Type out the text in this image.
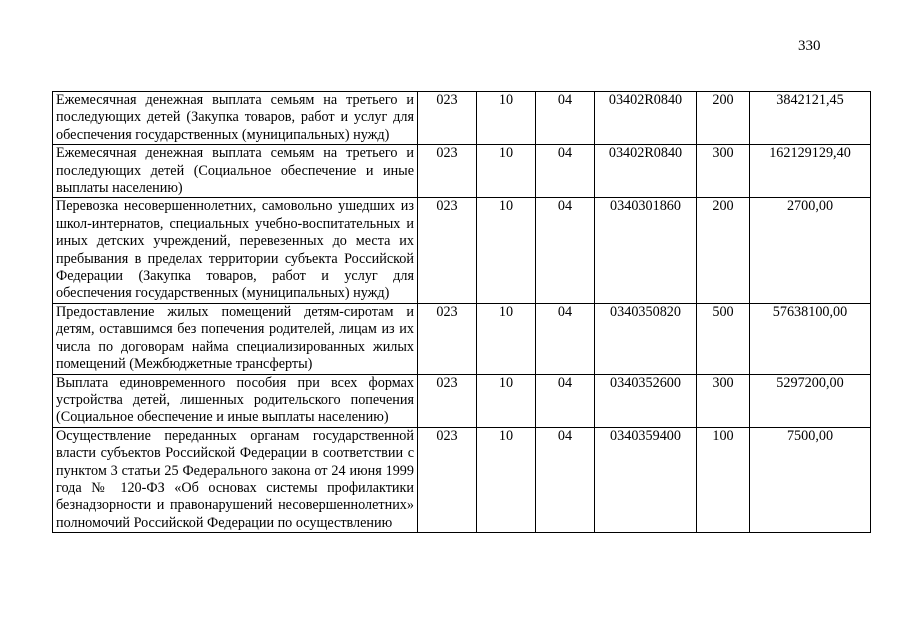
330
Ежемесячная денежная выплата семьям на третьего и последующих детей (Закупка товаров, работ и услуг для обеспечения государственных (муниципальных) нужд)	023	10	04	03402R0840	200	3842121,45
Ежемесячная денежная выплата семьям на третьего и последующих детей (Социальное обеспечение и иные выплаты населению)	023	10	04	03402R0840	300	162129129,40
Перевозка несовершеннолетних, самовольно ушедших из школ-интернатов, специальных учебно-воспитательных и иных детских учреждений, перевезенных до места их пребывания в пределах территории субъекта Российской Федерации (Закупка товаров, работ и услуг для обеспечения государственных (муниципальных) нужд)	023	10	04	0340301860	200	2700,00
Предоставление жилых помещений детям-сиротам и детям, оставшимся без попечения родителей, лицам из их числа по договорам найма специализированных жилых помещений (Межбюджетные трансферты)	023	10	04	0340350820	500	57638100,00
Выплата единовременного пособия при всех формах устройства детей, лишенных родительского попечения (Социальное обеспечение и иные выплаты населению)	023	10	04	0340352600	300	5297200,00
Осуществление переданных органам государственной власти субъектов Российской Федерации в соответствии с пунктом 3 статьи 25 Федерального закона от 24 июня 1999 года № 120-ФЗ «Об основах системы профилактики безнадзорности и правонарушений несовершеннолетних» полномочий Российской Федерации по осуществлению	023	10	04	0340359400	100	7500,00
